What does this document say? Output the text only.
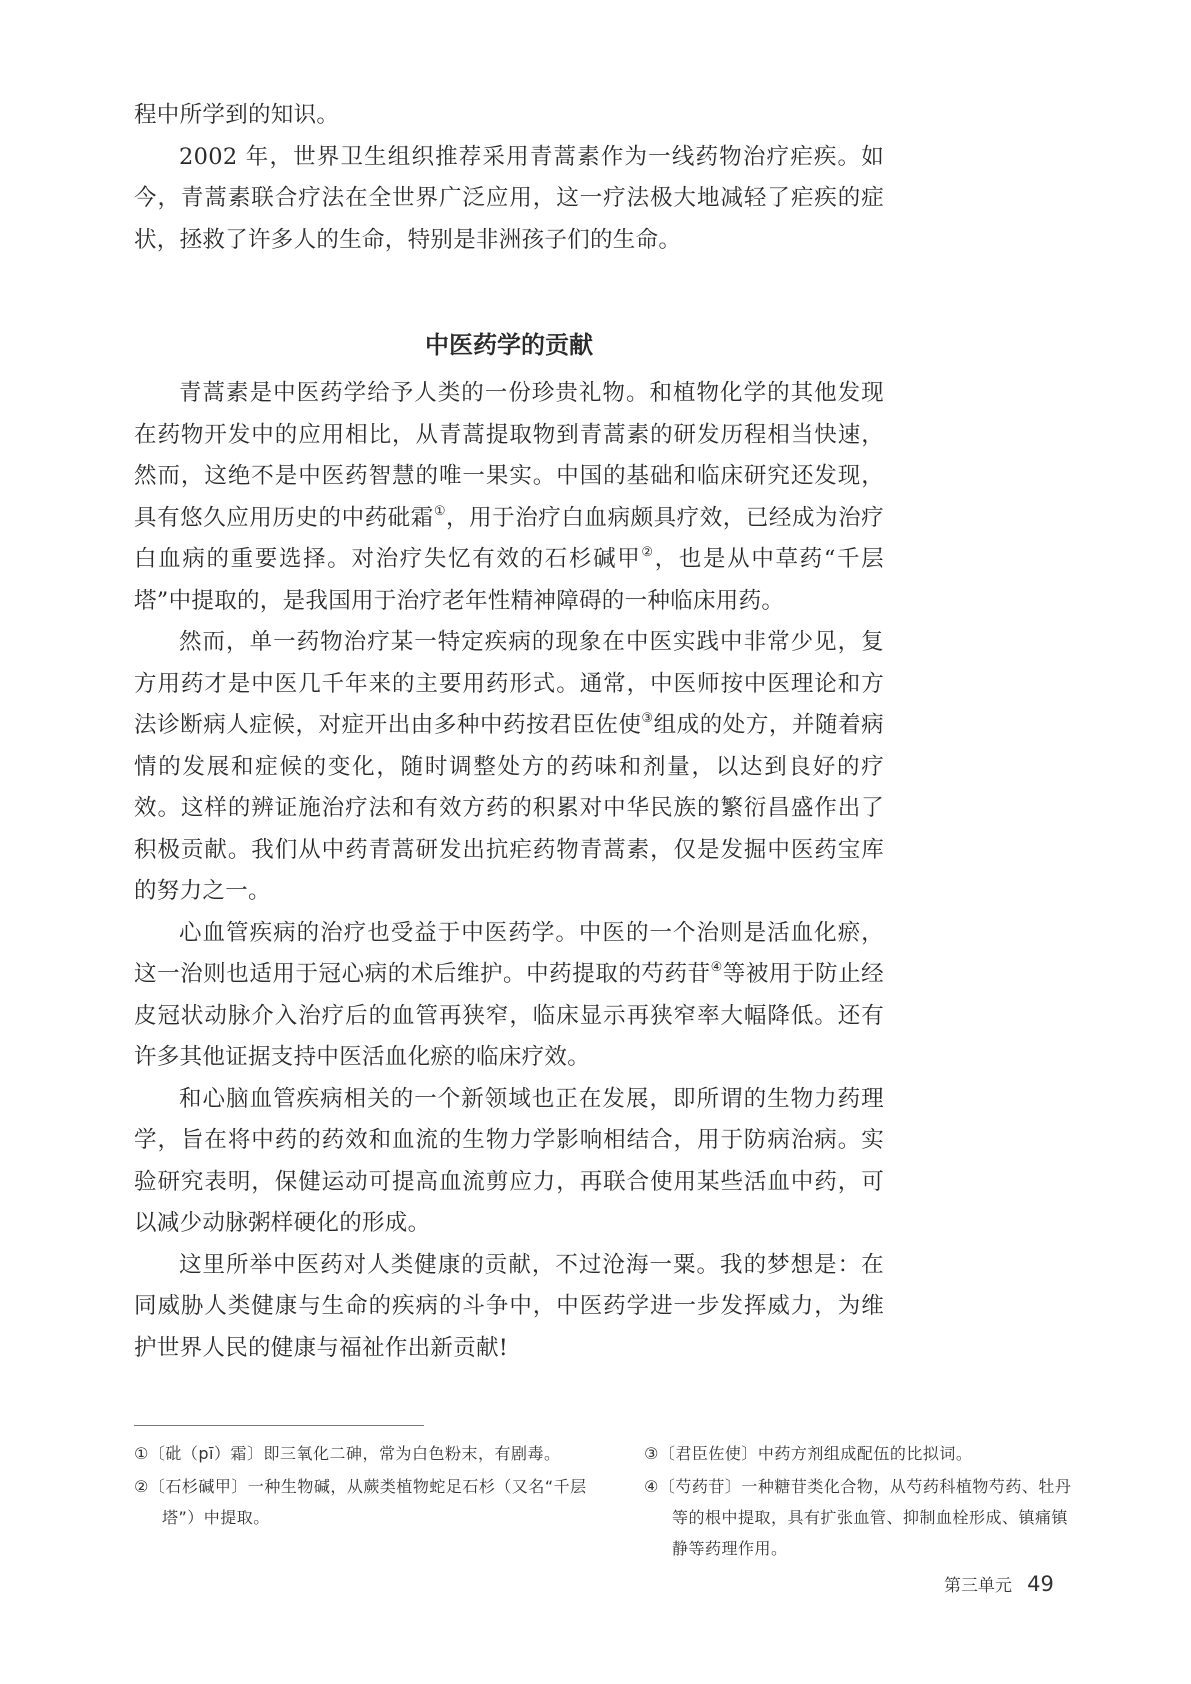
程中所学到的知识。

2002 年，世界卫生组织推荐采用青蒿素作为一线药物治疗疟疾。如今，青蒿素联合疗法在全世界广泛应用，这一疗法极大地减轻了疟疾的症状，拯救了许多人的生命，特别是非洲孩子们的生命。

中医药学的贡献

青蒿素是中医药学给予人类的一份珍贵礼物。和植物化学的其他发现在药物开发中的应用相比，从青蒿提取物到青蒿素的研发历程相当快速，然而，这绝不是中医药智慧的唯一果实。中国的基础和临床研究还发现，具有悠久应用历史的中药砒霜①，用于治疗白血病颇具疗效，已经成为治疗白血病的重要选择。对治疗失忆有效的石杉碱甲②，也是从中草药“千层塔”中提取的，是我国用于治疗老年性精神障碍的一种临床用药。

然而，单一药物治疗某一特定疾病的现象在中医实践中非常少见，复方用药才是中医几千年来的主要用药形式。通常，中医师按中医理论和方法诊断病人症候，对症开出由多种中药按君臣佐使③组成的处方，并随着病情的发展和症候的变化，随时调整处方的药味和剂量，以达到良好的疗效。这样的辨证施治疗法和有效方药的积累对中华民族的繁衍昌盛作出了积极贡献。我们从中药青蒿研发出抗疟药物青蒿素，仅是发掘中医药宝库的努力之一。

心血管疾病的治疗也受益于中医药学。中医的一个治则是活血化瘀，这一治则也适用于冠心病的术后维护。中药提取的芍药苷④等被用于防止经皮冠状动脉介入治疗后的血管再狭窄，临床显示再狭窄率大幅降低。还有许多其他证据支持中医活血化瘀的临床疗效。

和心脑血管疾病相关的一个新领域也正在发展，即所谓的生物力药理学，旨在将中药的药效和血流的生物力学影响相结合，用于防病治病。实验研究表明，保健运动可提高血流剪应力，再联合使用某些活血中药，可以减少动脉粥样硬化的形成。

这里所举中医药对人类健康的贡献，不过沧海一粟。我的梦想是：在同威胁人类健康与生命的疾病的斗争中，中医药学进一步发挥威力，为维护世界人民的健康与福祉作出新贡献!

①〔砒（pī）霜〕即三氧化二砷，常为白色粉末，有剧毒。

②〔石杉碱甲〕一种生物碱，从蕨类植物蛇足石杉（又名“千层塔”）中提取。

③〔君臣佐使〕中药方剂组成配伍的比拟词。

④〔芍药苷〕一种糖苷类化合物，从芍药科植物芍药、牡丹等的根中提取，具有扩张血管、抑制血栓形成、镇痛镇静等药理作用。

第三单元 49
